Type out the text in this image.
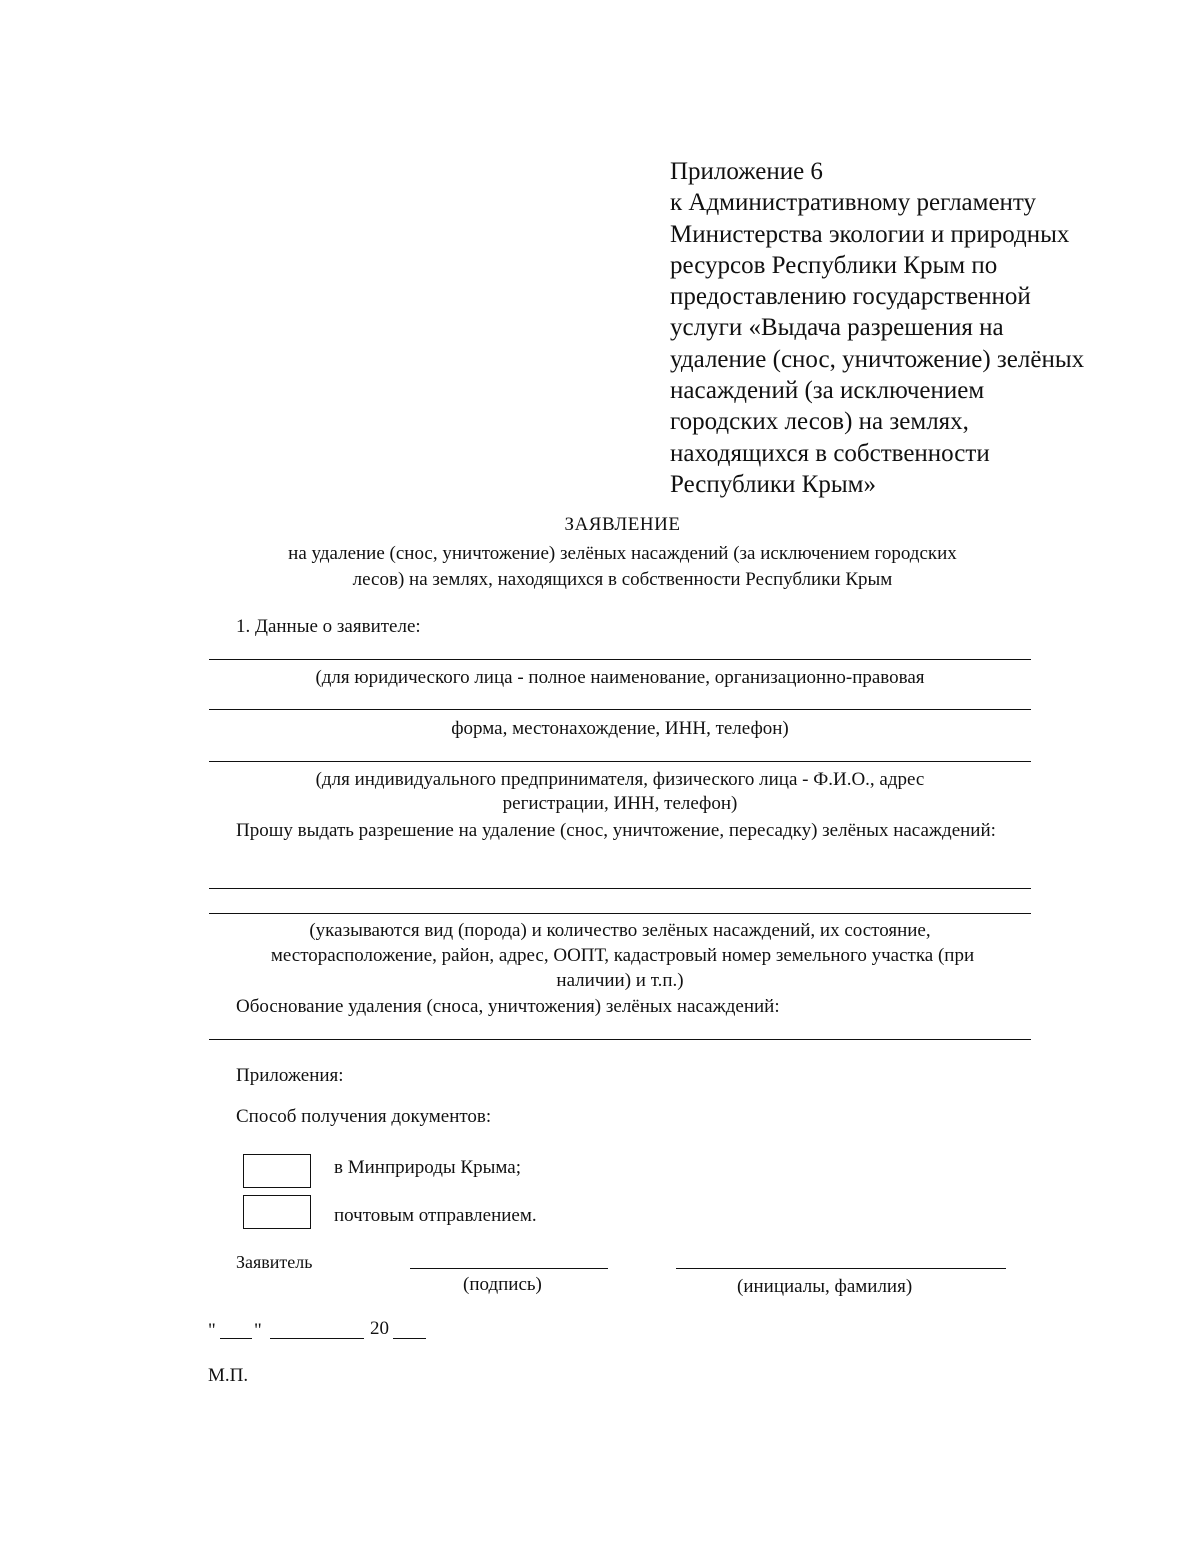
Приложение 6
к Административному регламенту
Министерства экологии и природных
ресурсов Республики Крым по
предоставлению государственной
услуги «Выдача разрешения на
удаление (снос, уничтожение) зелёных
насаждений (за исключением
городских лесов) на землях,
находящихся в собственности
Республики Крым»
ЗАЯВЛЕНИЕ
на удаление (снос, уничтожение) зелёных насаждений (за исключением городских
лесов) на землях, находящихся в собственности Республики Крым
1. Данные о заявителе:
(для юридического лица - полное наименование, организационно-правовая
форма, местонахождение, ИНН, телефон)
(для индивидуального предпринимателя, физического лица - Ф.И.О., адрес
регистрации, ИНН, телефон)
Прошу выдать разрешение на удаление (снос, уничтожение, пересадку) зелёных насаждений:
(указываются вид (порода) и количество зелёных насаждений, их состояние,
месторасположение, район, адрес, ООПТ, кадастровый номер земельного участка (при
наличии) и т.п.)
Обоснование удаления (сноса, уничтожения) зелёных насаждений:
Приложения:
Способ получения документов:
в Минприроды Крыма;
почтовым отправлением.
Заявитель
(подпись)	(инициалы, фамилия)
" "	20
М.П.
